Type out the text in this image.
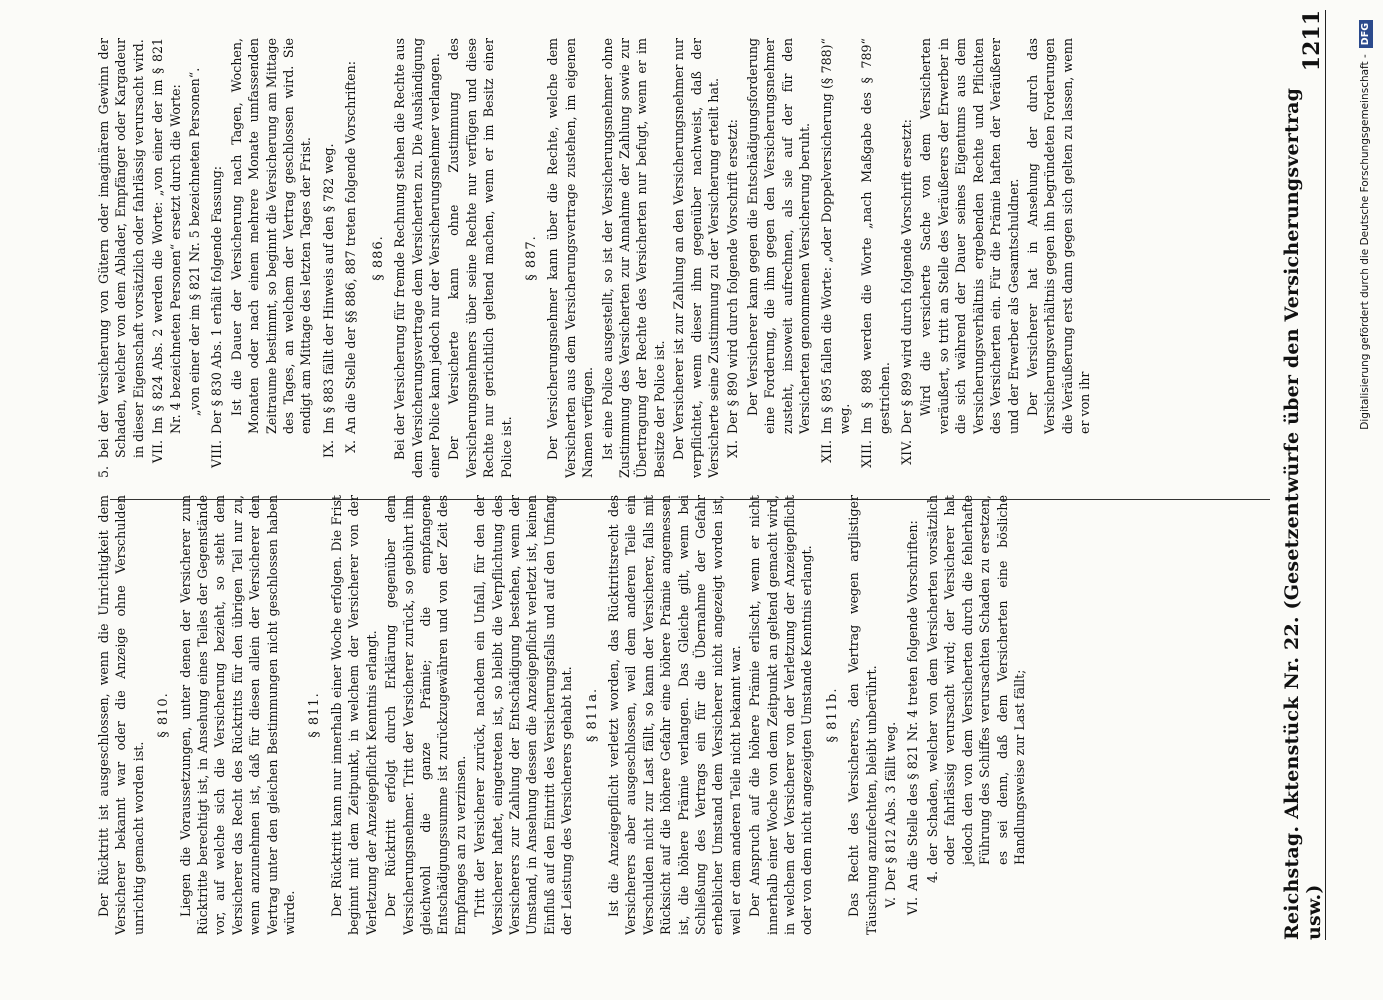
Reichstag. Aktenstück Nr. 22. (Gesetzentwürfe über den Versicherungsvertrag usw.)
1211

Der Rücktritt ist ausgeschlossen, wenn die Unrichtigkeit dem Versicherer bekannt war oder die Anzeige ohne Verschulden unrichtig gemacht worden ist.

§ 810. Liegen die Voraussetzungen, unter denen der Versicherer zum Rücktritte berechtigt ist, in Ansehung eines Teiles der Gegenstände vor, auf welche sich die Versicherung bezieht, so steht dem Versicherer das Recht des Rücktritts für den übrigen Teil nur zu, wenn anzunehmen ist, daß für diesen allein der Versicherer den Vertrag unter den gleichen Bestimmungen nicht geschlossen haben würde.

§ 811. Der Rücktritt kann nur innerhalb einer Woche erfolgen. Die Frist beginnt mit dem Zeitpunkt, in welchem der Versicherer von der Verletzung der Anzeigepflicht Kenntnis erlangt. Der Rücktritt erfolgt durch Erklärung gegenüber dem Versicherungsnehmer. Tritt der Versicherer zurück, so gebührt ihm gleichwohl die ganze Prämie; die empfangene Entschädigungssumme ist zurückzugewähren und von der Zeit des Empfanges an zu verzinsen. Tritt der Versicherer zurück, nachdem ein Unfall, für den der Versicherer haftet, eingetreten ist, so bleibt die Verpflichtung des Versicherers zur Zahlung der Entschädigung bestehen, wenn der Umstand, in Ansehung dessen die Anzeigepflicht verletzt ist, keinen Einfluß auf den Eintritt des Versicherungsfalls und auf den Umfang der Leistung des Versicherers gehabt hat. § 811a. Ist die Anzeigepflicht verletzt worden, das Rücktrittsrecht des Versicherers aber ausgeschlossen, weil dem anderen Teile ein Verschulden nicht zur Last fällt, so kann der Versicherer, falls mit Rücksicht auf die höhere Gefahr eine höhere Prämie angemessen ist, die höhere Prämie verlangen. Das Gleiche gilt, wenn bei Schließung des Vertrags ein für die Übernahme der Gefahr erheblicher Umstand dem Versicherer nicht angezeigt worden ist, weil er dem anderen Teile nicht bekannt war. Der Anspruch auf die höhere Prämie erlischt, wenn er nicht innerhalb einer Woche von dem Zeitpunkt an geltend gemacht wird, in welchem der Versicherer von der Verletzung der Anzeigepflicht oder von dem nicht angezeigten Umstande Kenntnis erlangt. § 811b. Das Recht des Versicherers, den Vertrag wegen arglistiger Täuschung anzufechten, bleibt unberührt. V.

Der § 812 Abs. 3 fällt weg.

VI.

An die Stelle des § 821 Nr. 4 treten folgende Vorschriften: 4.
der Schaden, welcher von dem Versicherten vorsätzlich oder fahrlässig verursacht wird; der Versicherer hat jedoch den von dem Versicherten durch die fehlerhafte Führung des Schiffes verursachten Schaden zu ersetzen, es sei denn, daß dem Versicherten eine bösliche Handlungsweise zur Last fällt;
5.
bei der Versicherung von Gütern oder imaginärem Gewinn der Schaden, welcher von dem Ablader, Empfänger oder Kargadeur in dieser Eigenschaft vorsätzlich oder fahrlässig verursacht wird. VII.

Im § 824 Abs. 2 werden die Worte: „von einer der im § 821 Nr. 4 bezeichneten Personen“ ersetzt durch die Worte: „von einer der im § 821 Nr. 5 bezeichneten Personen“.

VIII.

Der § 830 Abs. 1 erhält folgende Fassung: Ist die Dauer der Versicherung nach Tagen, Wochen, Monaten oder nach einem mehrere Monate umfassenden Zeitraume bestimmt, so beginnt die Versicherung am Mittage des Tages, an welchem der Vertrag geschlossen wird. Sie endigt am Mittage des letzten Tages der Frist.

IX.

Im § 883 fällt der Hinweis auf den § 782 weg.

X.

An die Stelle der §§ 886, 887 treten folgende Vorschriften: § 886. Bei der Versicherung für fremde Rechnung stehen die Rechte aus dem Versicherungsvertrage dem Versicherten zu. Die Aushändigung einer Police kann jedoch nur der Versicherungsnehmer verlangen. Der Versicherte kann ohne Zustimmung des Versicherungsnehmers über seine Rechte nur verfügen und diese Rechte nur gerichtlich geltend machen, wenn er im Besitz einer Police ist.

§ 887. Der Versicherungsnehmer kann über die Rechte, welche dem Versicherten aus dem Versicherungsvertrage zustehen, im eigenen Namen verfügen. Ist eine Police ausgestellt, so ist der Versicherungsnehmer ohne Zustimmung des Versicherten zur Annahme der Zahlung sowie zur Übertragung der Rechte des Versicherten nur befugt, wenn er im Besitze der Police ist. Der Versicherer ist zur Zahlung an den Versicherungsnehmer nur verpflichtet, wenn dieser ihm gegenüber nachweist, daß der Versicherte seine Zustimmung zu der Versicherung erteilt hat. XI.

Der § 890 wird durch folgende Vorschrift ersetzt: Der Versicherer kann gegen die Entschädigungsforderung eine Forderung, die ihm gegen den Versicherungsnehmer zusteht, insoweit aufrechnen, als sie auf der für den Versicherten genommenen Versicherung beruht.

XII.

Im § 895 fallen die Worte: „oder Doppelversicherung (§ 788)“ weg.

XIII.

Im § 898 werden die Worte „nach Maßgabe des § 789“ gestrichen.

XIV.

Der § 899 wird durch folgende Vorschrift ersetzt: Wird die versicherte Sache von dem Versicherten veräußert, so tritt an Stelle des Veräußerers der Erwerber in die sich während der Dauer seines Eigentums aus dem Versicherungsverhältnis ergebenden Rechte und Pflichten des Versicherten ein. Für die Prämie haften der Veräußerer und der Erwerber als Gesamtschuldner. Der Versicherer hat in Ansehung der durch das Versicherungsverhältnis gegen ihn begründeten Forderungen die Veräußerung erst dann gegen sich gelten zu lassen, wenn er von ihr	Digitalisierung gefördert durch die Deutsche Forschungsgemeinschaft -DFG
